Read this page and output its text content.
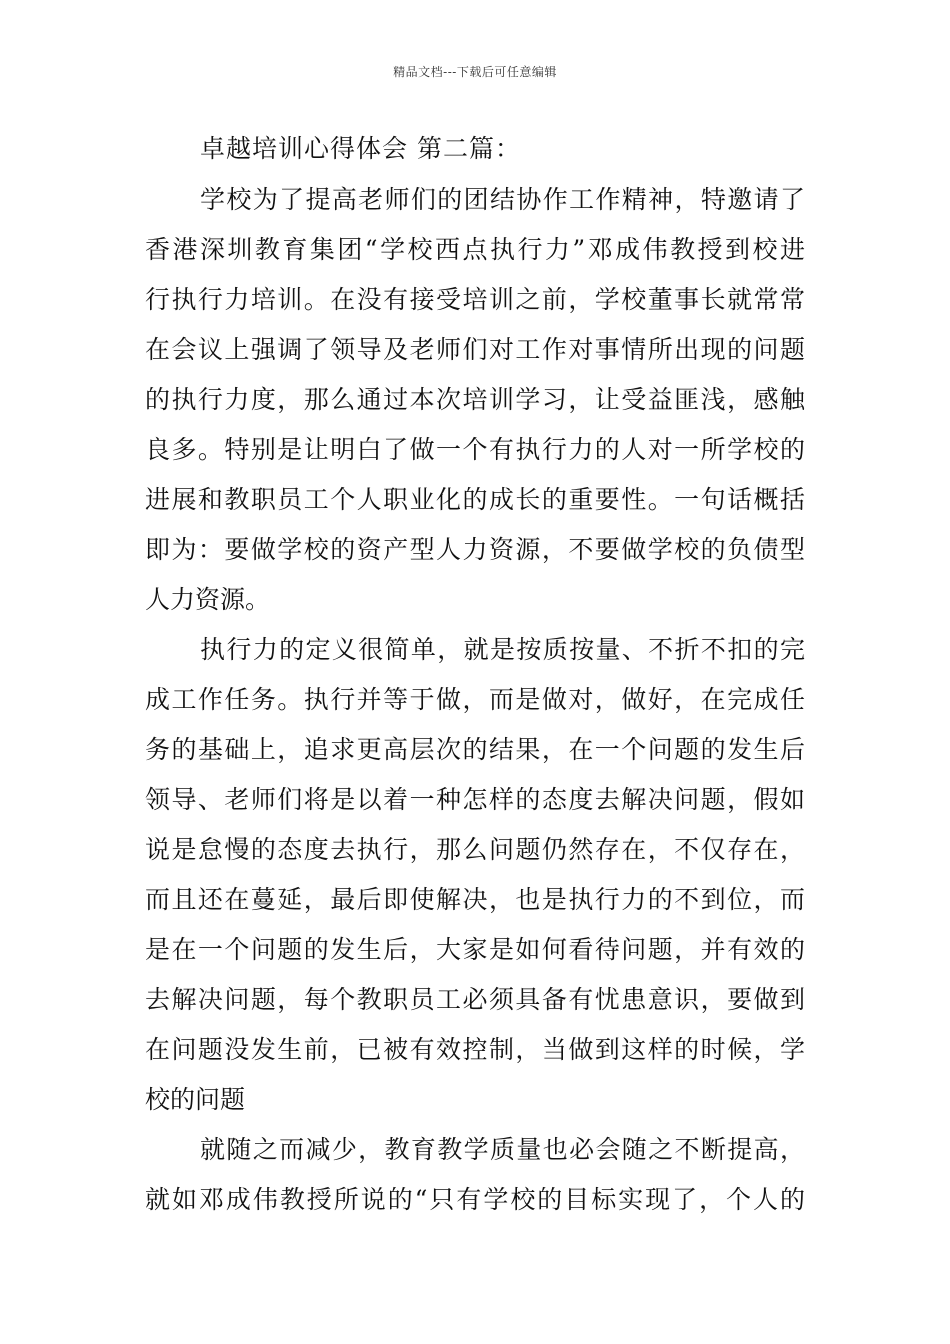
精品文档---下载后可任意编辑
卓越培训心得体会 第二篇：
学校为了提高老师们的团结协作工作精神，特邀请了
香港深圳教育集团“学校西点执行力”邓成伟教授到校进
行执行力培训。在没有接受培训之前，学校董事长就常常
在会议上强调了领导及老师们对工作对事情所出现的问题
的执行力度，那么通过本次培训学习，让受益匪浅，感触
良多。特别是让明白了做一个有执行力的人对一所学校的
进展和教职员工个人职业化的成长的重要性。一句话概括
即为：要做学校的资产型人力资源，不要做学校的负债型
人力资源。
执行力的定义很简单，就是按质按量、不折不扣的完
成工作任务。执行并等于做，而是做对，做好，在完成任
务的基础上，追求更高层次的结果，在一个问题的发生后
领导、老师们将是以着一种怎样的态度去解决问题，假如
说是怠慢的态度去执行，那么问题仍然存在，不仅存在，
而且还在蔓延，最后即使解决，也是执行力的不到位，而
是在一个问题的发生后，大家是如何看待问题，并有效的
去解决问题，每个教职员工必须具备有忧患意识，要做到
在问题没发生前，已被有效控制，当做到这样的时候，学
校的问题
就随之而减少，教育教学质量也必会随之不断提高，
就如邓成伟教授所说的“只有学校的目标实现了，个人的
